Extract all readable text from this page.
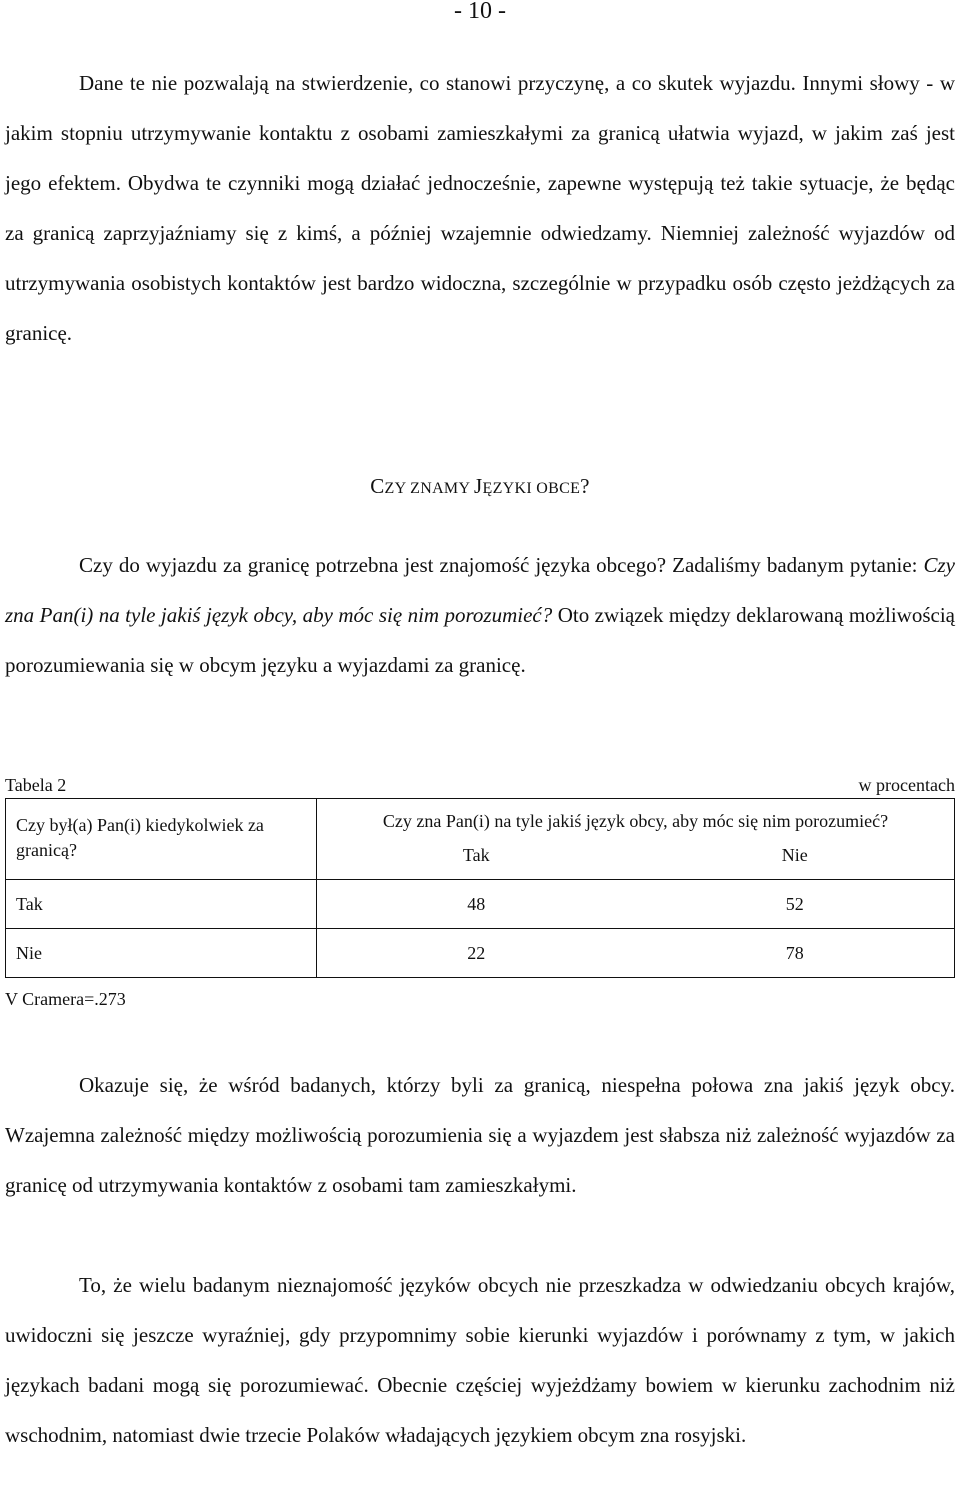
- 10 -

Dane te nie pozwalają na stwierdzenie, co stanowi przyczynę, a co skutek wyjazdu. Innymi słowy - w jakim stopniu utrzymywanie kontaktu z osobami zamieszkałymi za granicą ułatwia wyjazd, w jakim zaś jest jego efektem. Obydwa te czynniki mogą działać jednocześnie, zapewne występują też takie sytuacje, że będąc za granicą zaprzyjaźniamy się z kimś, a później wzajemnie odwiedzamy. Niemniej zależność wyjazdów od utrzymywania osobistych kontaktów jest bardzo widoczna, szczególnie w przypadku osób często jeżdżących za granicę.

CZY ZNAMY JĘZYKI OBCE?

Czy do wyjazdu za granicę potrzebna jest znajomość języka obcego? Zadaliśmy badanym pytanie: Czy zna Pan(i) na tyle jakiś język obcy, aby móc się nim porozumieć? Oto związek między deklarowaną możliwością porozumiewania się w obcym języku a wyjazdami za granicę.

Tabela 2	w procentach
Czy był(a) Pan(i) kiedykolwiek za granicą?	Czy zna Pan(i) na tyle jakiś język obcy, aby móc się nim porozumieć?
Tak Nie

Tak	48 52

Nie	22 78
V Cramera=.273

Okazuje się, że wśród badanych, którzy byli za granicą, niespełna połowa zna jakiś język obcy. Wzajemna zależność między możliwością porozumienia się a wyjazdem jest słabsza niż zależność wyjazdów za granicę od utrzymywania kontaktów z osobami tam zamieszkałymi.

To, że wielu badanym nieznajomość języków obcych nie przeszkadza w odwiedzaniu obcych krajów, uwidoczni się jeszcze wyraźniej, gdy przypomnimy sobie kierunki wyjazdów i porównamy z tym, w jakich językach badani mogą się porozumiewać. Obecnie częściej wyjeżdżamy bowiem w kierunku zachodnim niż wschodnim, natomiast dwie trzecie Polaków władających językiem obcym zna rosyjski.
